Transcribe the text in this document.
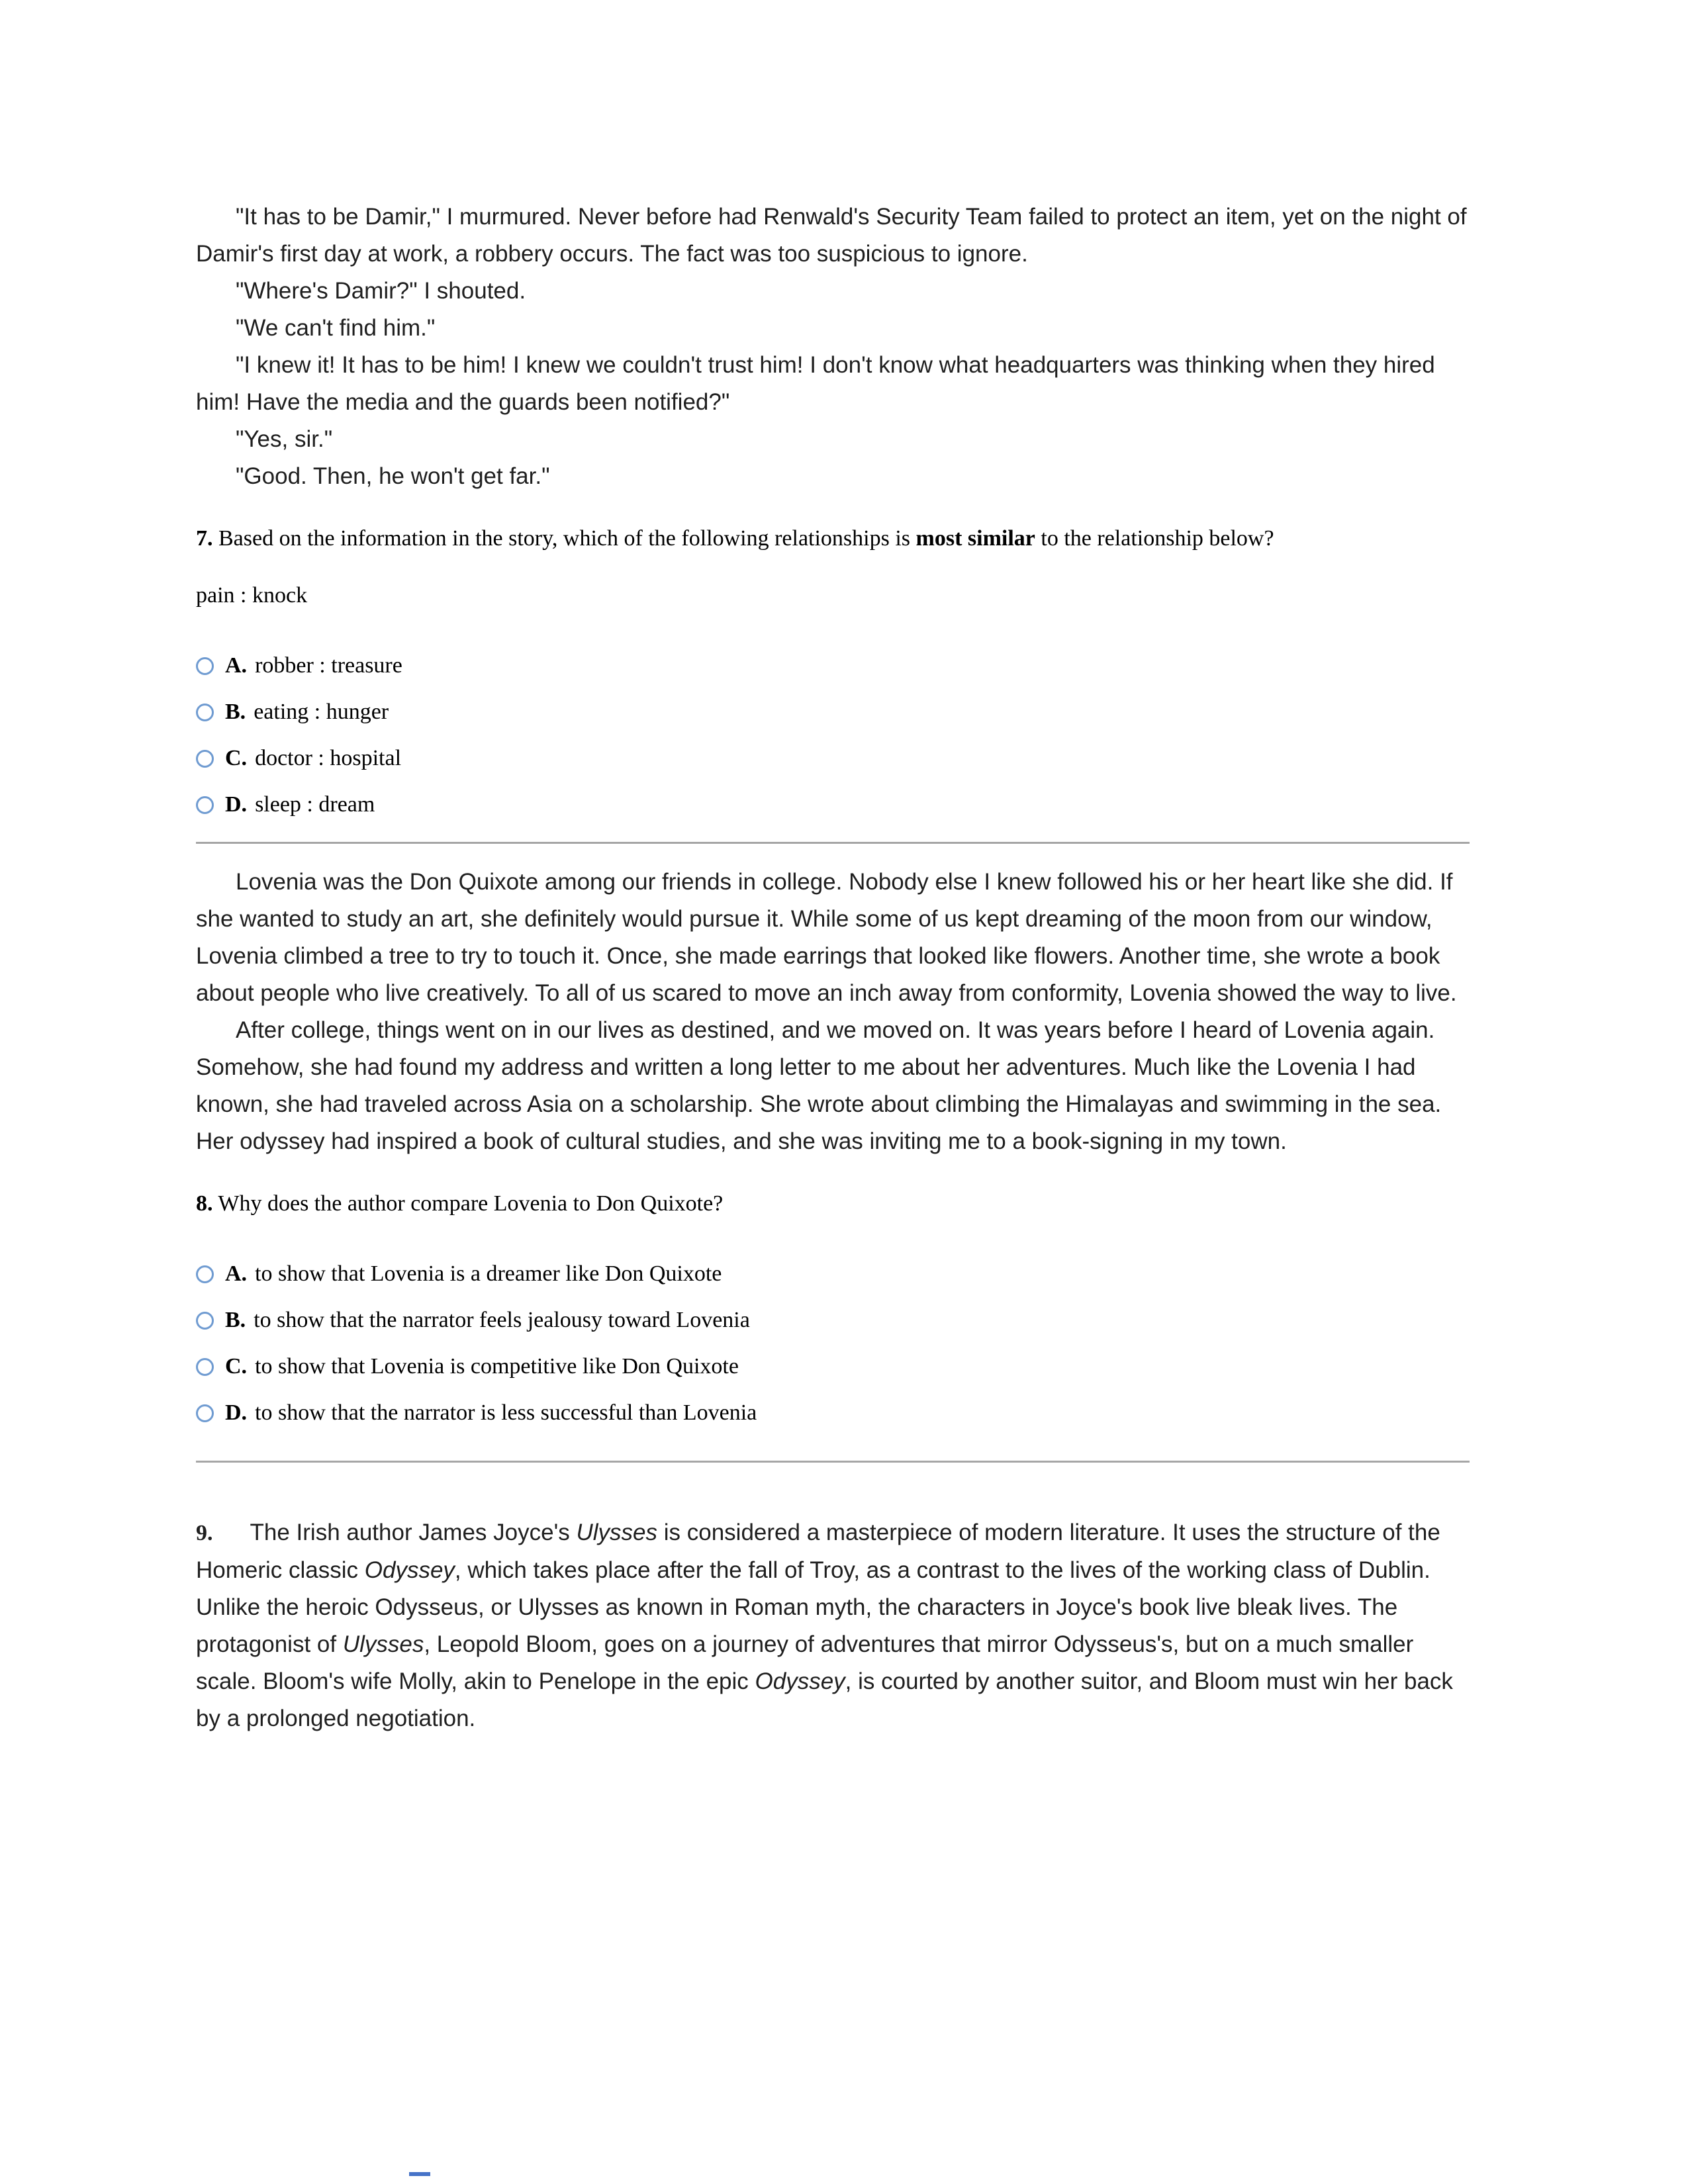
"It has to be Damir," I murmured. Never before had Renwald's Security Team failed to protect an item, yet on the night of Damir's first day at work, a robbery occurs. The fact was too suspicious to ignore.

"Where's Damir?" I shouted.

"We can't find him."

"I knew it! It has to be him! I knew we couldn't trust him! I don't know what headquarters was thinking when they hired him! Have the media and the guards been notified?"

"Yes, sir."

"Good. Then, he won't get far."

7. Based on the information in the story, which of the following relationships is most similar to the relationship below?

pain : knock

A. robber : treasure
B. eating : hunger
C. doctor : hospital
D. sleep : dream

Lovenia was the Don Quixote among our friends in college. Nobody else I knew followed his or her heart like she did. If she wanted to study an art, she definitely would pursue it. While some of us kept dreaming of the moon from our window, Lovenia climbed a tree to try to touch it. Once, she made earrings that looked like flowers. Another time, she wrote a book about people who live creatively. To all of us scared to move an inch away from conformity, Lovenia showed the way to live.

After college, things went on in our lives as destined, and we moved on. It was years before I heard of Lovenia again. Somehow, she had found my address and written a long letter to me about her adventures. Much like the Lovenia I had known, she had traveled across Asia on a scholarship. She wrote about climbing the Himalayas and swimming in the sea. Her odyssey had inspired a book of cultural studies, and she was inviting me to a book-signing in my town.

8. Why does the author compare Lovenia to Don Quixote?

A. to show that Lovenia is a dreamer like Don Quixote
B. to show that the narrator feels jealousy toward Lovenia
C. to show that Lovenia is competitive like Don Quixote
D. to show that the narrator is less successful than Lovenia

9. The Irish author James Joyce's Ulysses is considered a masterpiece of modern literature. It uses the structure of the Homeric classic Odyssey, which takes place after the fall of Troy, as a contrast to the lives of the working class of Dublin. Unlike the heroic Odysseus, or Ulysses as known in Roman myth, the characters in Joyce's book live bleak lives. The protagonist of Ulysses, Leopold Bloom, goes on a journey of adventures that mirror Odysseus's, but on a much smaller scale. Bloom's wife Molly, akin to Penelope in the epic Odyssey, is courted by another suitor, and Bloom must win her back by a prolonged negotiation.
